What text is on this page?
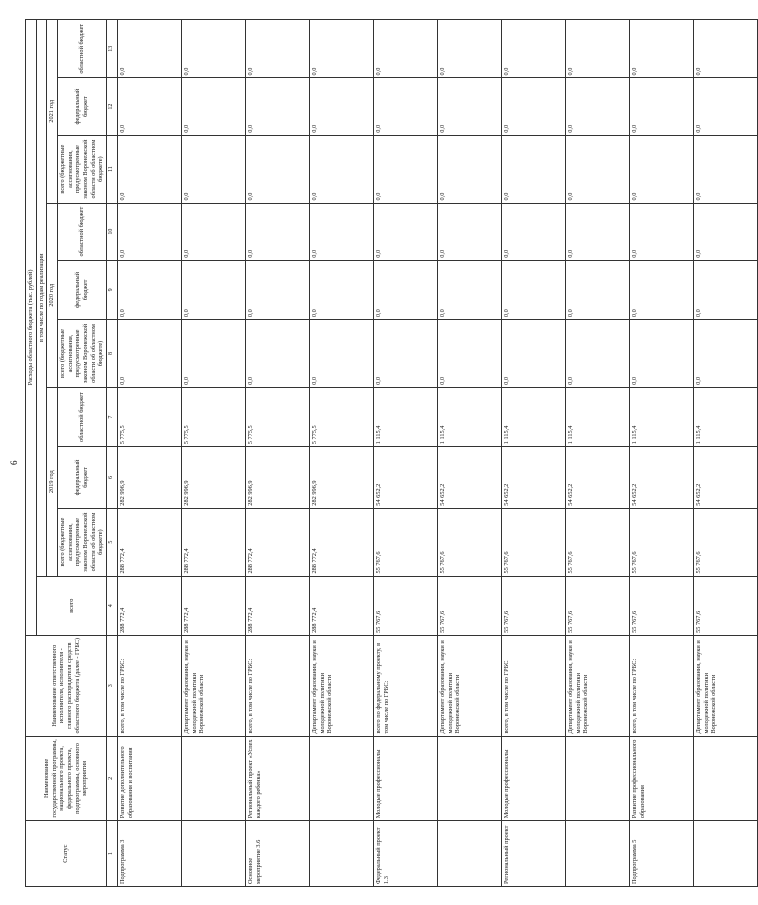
6
Статус	Наименование государственной программы, национального проекта, федерального проекта, подпрограммы, основного мероприятия	Наименование ответственного исполнителя, исполнителя - главного распорядителя средств областного бюджета (далее - ГРБС)	Расходы областного бюджета (тыс. рублей)									
			всего	в том числе по годам реализации								
				2019 год			2020 год			2021 год		
				всего (бюджетные ассигнования, предусмотренные законом Воронежской области об областном бюджете)	федеральный бюджет	областной бюджет	всего (бюджетные ассигнования, предусмотренные законом Воронежской области об областном бюджете)	федеральный бюджет	областной бюджет	всего (бюджетные ассигнования, предусмотренные законом Воронежской области об областном бюджете)	федеральный бюджет	областной бюджет
1	2	3	4	5	6	7	8	9	10	11	12	13
Подпрограмма 3	Развитие дополнительного образования и воспитания	всего, в том числе по ГРБС:	288 772,4	288 772,4	282 996,9	5 775,5	0,0	0,0	0,0	0,0	0,0	0,0
		Департамент образования, науки и молодежной политики Воронежской области	288 772,4	288 772,4	282 996,9	5 775,5	0,0	0,0	0,0	0,0	0,0	0,0
Основное мероприятие 3.6	Региональный проект «Успех каждого ребенка»	всего, в том числе по ГРБС:	288 772,4	288 772,4	282 996,9	5 775,5	0,0	0,0	0,0	0,0	0,0	0,0
		Департамент образования, науки и молодежной политики Воронежской области	288 772,4	288 772,4	282 996,9	5 775,5	0,0	0,0	0,0	0,0	0,0	0,0
Федеральный проект 1.3	Молодые профессионалы	всего по федеральному проекту, в том числе по ГРБС:	55 767,6	55 767,6	54 652,2	1 115,4	0,0	0,0	0,0	0,0	0,0	0,0
		Департамент образования, науки и молодежной политики Воронежской области	55 767,6	55 767,6	54 652,2	1 115,4	0,0	0,0	0,0	0,0	0,0	0,0
Региональный проект	Молодые профессионалы	всего, в том числе по ГРБС	55 767,6	55 767,6	54 652,2	1 115,4	0,0	0,0	0,0	0,0	0,0	0,0
		Департамент образования, науки и молодежной политики Воронежской области	55 767,6	55 767,6	54 652,2	1 115,4	0,0	0,0	0,0	0,0	0,0	0,0
Подпрограмма 5	Развитие профессионального образования	всего, в том числе по ГРБС:	55 767,6	55 767,6	54 652,2	1 115,4	0,0	0,0	0,0	0,0	0,0	0,0
		Департамент образования, науки и молодежной политики Воронежской области	55 767,6	55 767,6	54 652,2	1 115,4	0,0	0,0	0,0	0,0	0,0	0,0
